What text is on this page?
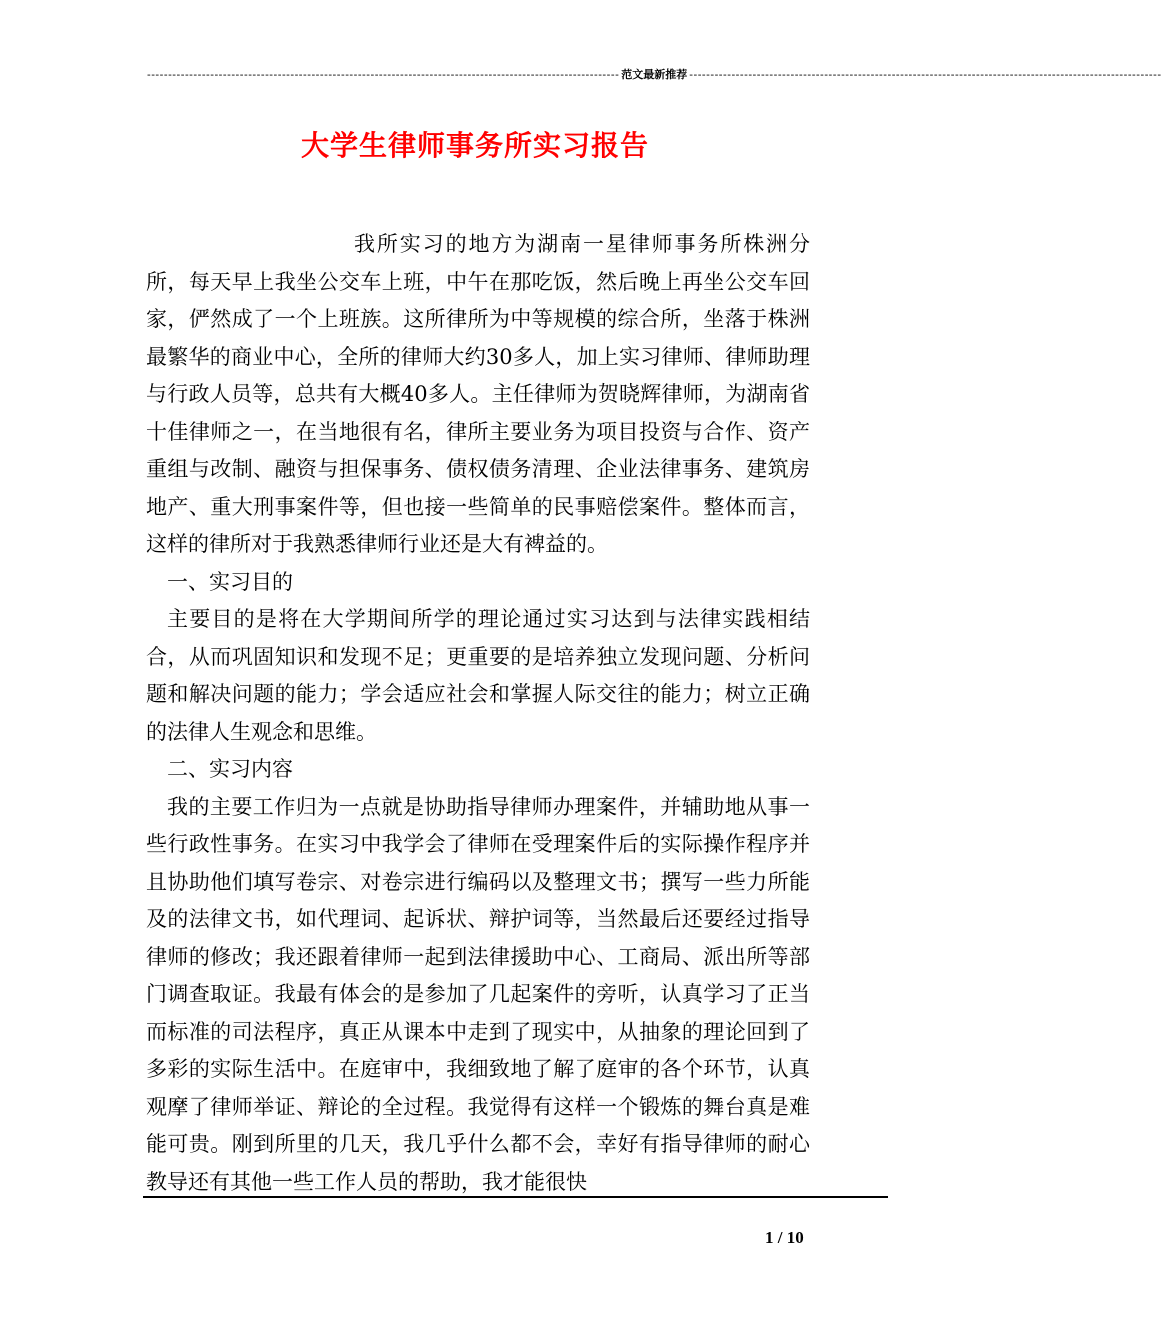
---------------------------------------------------------------------------------------------------------------- 范文最新推荐 ----------------------------------------------------------------------------------------------------------------
大学生律师事务所实习报告

我所实习的地方为湖南一星律师事务所株洲分所，每天早上我坐公交车上班，中午在那吃饭，然后晚上再坐公交车回家，俨然成了一个上班族。这所律所为中等规模的综合所，坐落于株洲最繁华的商业中心，全所的律师大约30多人，加上实习律师、律师助理与行政人员等，总共有大概40多人。主任律师为贺晓辉律师，为湖南省十佳律师之一，在当地很有名，律所主要业务为项目投资与合作、资产重组与改制、融资与担保事务、债权债务清理、企业法律事务、建筑房地产、重大刑事案件等，但也接一些简单的民事赔偿案件。整体而言，这样的律所对于我熟悉律师行业还是大有裨益的。

一、实习目的

主要目的是将在大学期间所学的理论通过实习达到与法律实践相结合，从而巩固知识和发现不足；更重要的是培养独立发现问题、分析问题和解决问题的能力；学会适应社会和掌握人际交往的能力；树立正确的法律人生观念和思维。

二、实习内容

我的主要工作归为一点就是协助指导律师办理案件，并辅助地从事一些行政性事务。在实习中我学会了律师在受理案件后的实际操作程序并且协助他们填写卷宗、对卷宗进行编码以及整理文书；撰写一些力所能及的法律文书，如代理词、起诉状、辩护词等，当然最后还要经过指导律师的修改；我还跟着律师一起到法律援助中心、工商局、派出所等部门调查取证。我最有体会的是参加了几起案件的旁听，认真学习了正当而标准的司法程序，真正从课本中走到了现实中，从抽象的理论回到了多彩的实际生活中。在庭审中，我细致地了解了庭审的各个环节，认真观摩了律师举证、辩论的全过程。我觉得有这样一个锻炼的舞台真是难能可贵。刚到所里的几天，我几乎什么都不会，幸好有指导律师的耐心教导还有其他一些工作人员的帮助，我才能很快

1 / 10
